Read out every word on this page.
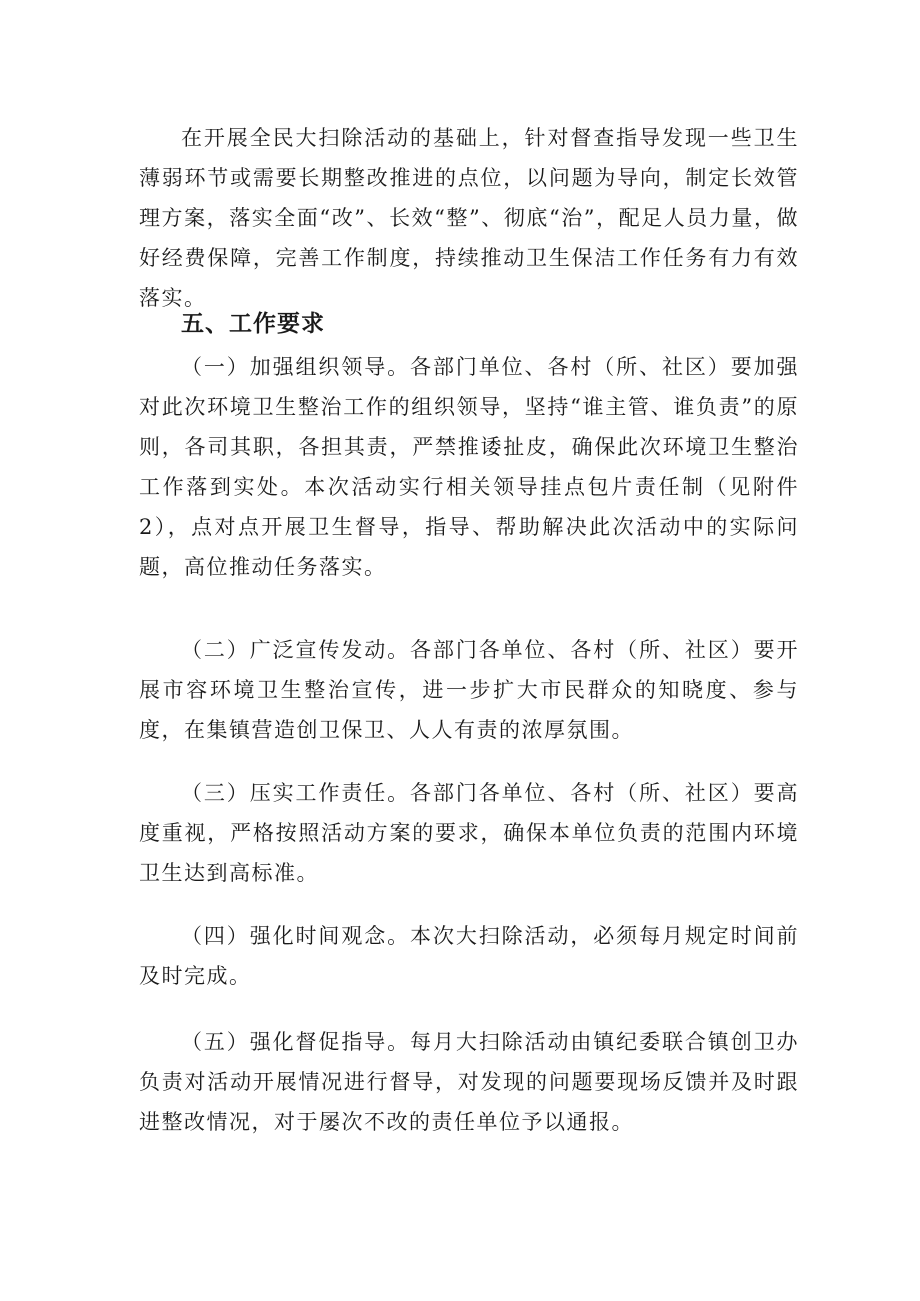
在开展全民大扫除活动的基础上，针对督查指导发现一些卫生薄弱环节或需要长期整改推进的点位，以问题为导向，制定长效管理方案，落实全面“改”、长效“整”、彻底“治”，配足人员力量，做好经费保障，完善工作制度，持续推动卫生保洁工作任务有力有效落实。

五、工作要求

（一）加强组织领导。各部门单位、各村（所、社区）要加强对此次环境卫生整治工作的组织领导，坚持“谁主管、谁负责”的原则，各司其职，各担其责，严禁推诿扯皮，确保此次环境卫生整治工作落到实处。本次活动实行相关领导挂点包片责任制（见附件2），点对点开展卫生督导，指导、帮助解决此次活动中的实际问题，高位推动任务落实。

（二）广泛宣传发动。各部门各单位、各村（所、社区）要开展市容环境卫生整治宣传，进一步扩大市民群众的知晓度、参与度，在集镇营造创卫保卫、人人有责的浓厚氛围。

（三）压实工作责任。各部门各单位、各村（所、社区）要高度重视，严格按照活动方案的要求，确保本单位负责的范围内环境卫生达到高标准。

（四）强化时间观念。本次大扫除活动，必须每月规定时间前及时完成。

（五）强化督促指导。每月大扫除活动由镇纪委联合镇创卫办负责对活动开展情况进行督导，对发现的问题要现场反馈并及时跟进整改情况，对于屡次不改的责任单位予以通报。
